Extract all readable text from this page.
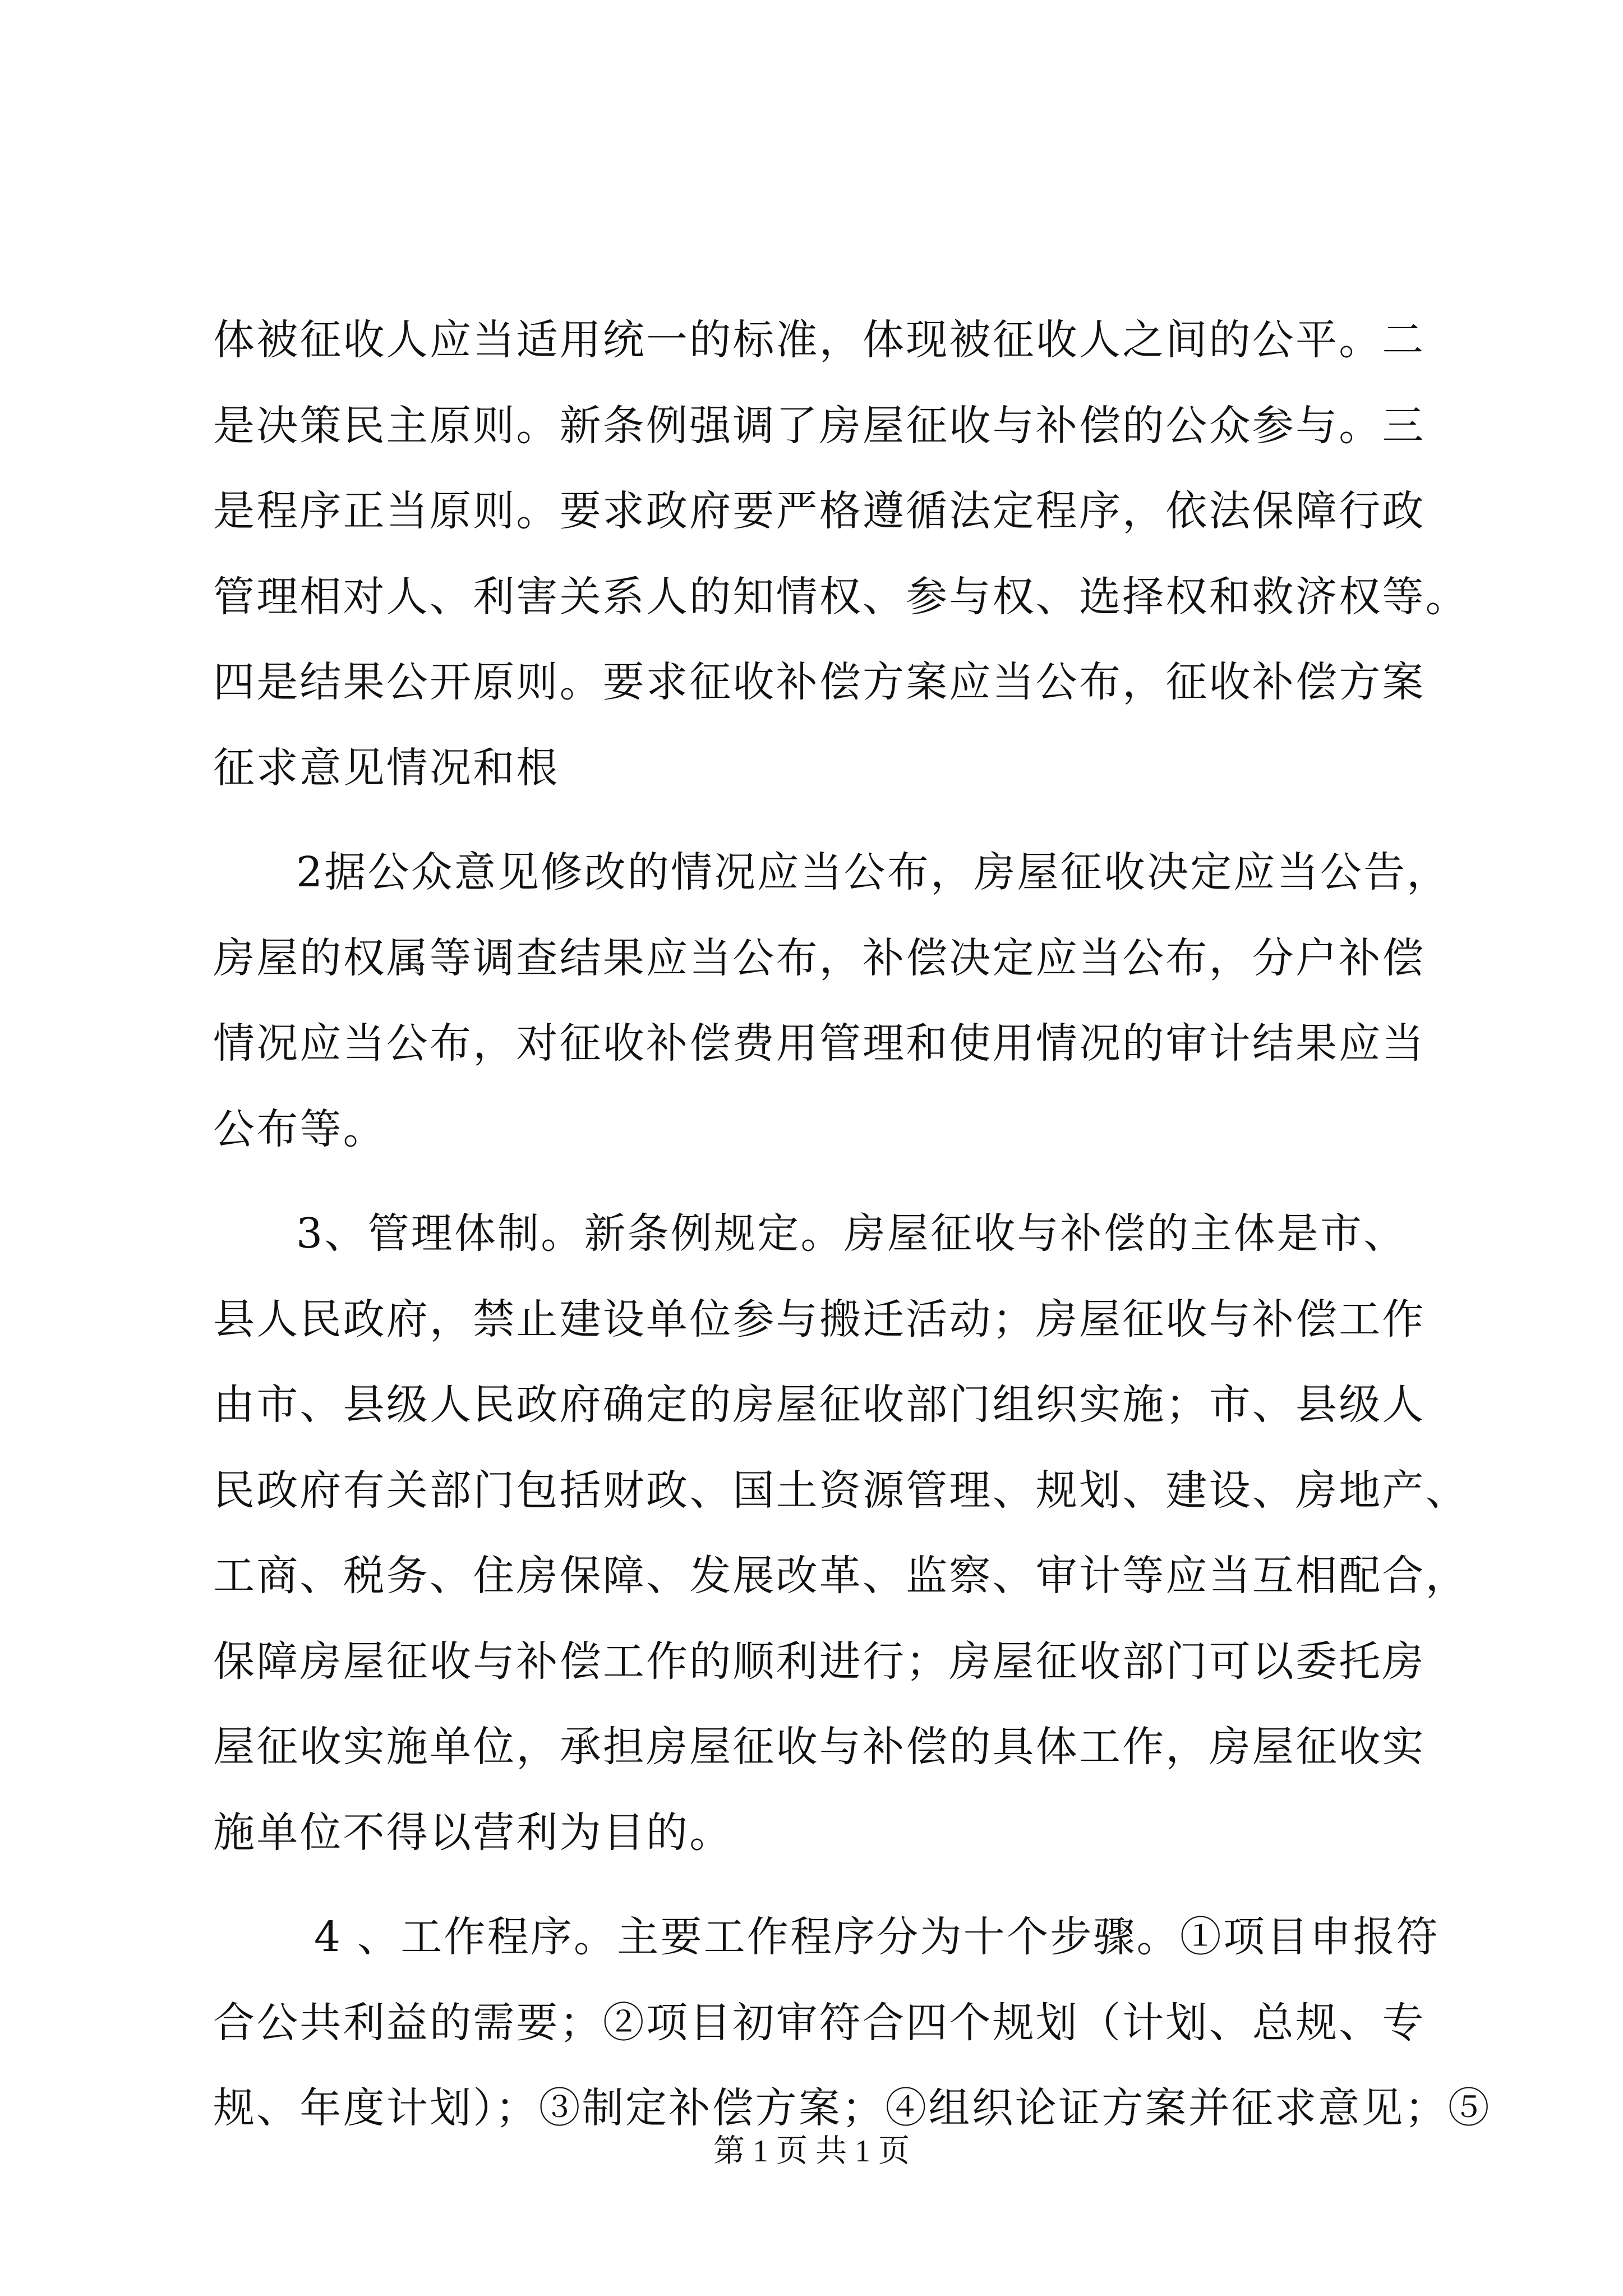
体被征收人应当适用统一的标准，体现被征收人之间的公平。二
是决策民主原则。新条例强调了房屋征收与补偿的公众参与。三
是程序正当原则。要求政府要严格遵循法定程序，依法保障行政
管理相对人、利害关系人的知情权、参与权、选择权和救济权等。
四是结果公开原则。要求征收补偿方案应当公布，征收补偿方案
征求意见情况和根
2据公众意见修改的情况应当公布，房屋征收决定应当公告，
房屋的权属等调查结果应当公布，补偿决定应当公布，分户补偿
情况应当公布，对征收补偿费用管理和使用情况的审计结果应当
公布等。
3、管理体制。新条例规定。房屋征收与补偿的主体是市、
县人民政府，禁止建设单位参与搬迁活动；房屋征收与补偿工作
由市、县级人民政府确定的房屋征收部门组织实施；市、县级人
民政府有关部门包括财政、国土资源管理、规划、建设、房地产、
工商、税务、住房保障、发展改革、监察、审计等应当互相配合，
保障房屋征收与补偿工作的顺利进行；房屋征收部门可以委托房
屋征收实施单位，承担房屋征收与补偿的具体工作，房屋征收实
施单位不得以营利为目的。
4 、工作程序。主要工作程序分为十个步骤。①项目申报符
合公共利益的需要；②项目初审符合四个规划（计划、总规、专
规、年度计划）；③制定补偿方案；④组织论证方案并征求意见；⑤
第 1 页 共 1 页
